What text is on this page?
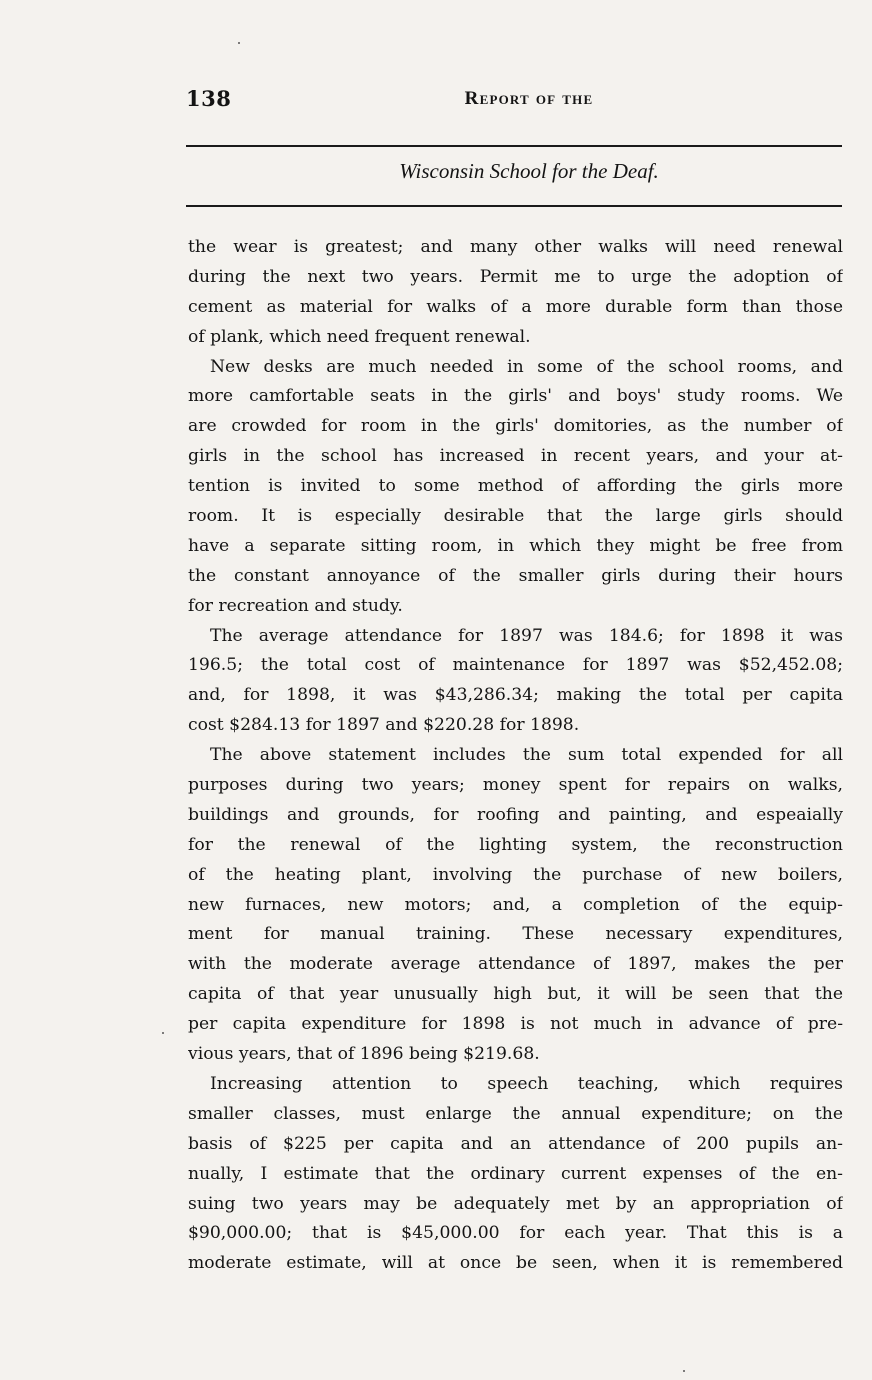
138	Report of the
Wisconsin School for the Deaf.
the wear is greatest; and many other walks will need renewal
during the next two years. Permit me to urge the adoption of
cement as material for walks of a more durable form than those
of plank, which need frequent renewal.
New desks are much needed in some of the school rooms, and
more camfortable seats in the girls' and boys' study rooms. We
are crowded for room in the girls' domitories, as the number of
girls in the school has increased in recent years, and your at-
tention is invited to some method of affording the girls more
room. It is especially desirable that the large girls should
have a separate sitting room, in which they might be free from
the constant annoyance of the smaller girls during their hours
for recreation and study.
The average attendance for 1897 was 184.6; for 1898 it was
196.5; the total cost of maintenance for 1897 was $52,452.08;
and, for 1898, it was $43,286.34; making the total per capita
cost $284.13 for 1897 and $220.28 for 1898.
The above statement includes the sum total expended for all
purposes during two years; money spent for repairs on walks,
buildings and grounds, for roofing and painting, and espeaially
for the renewal of the lighting system, the reconstruction
of the heating plant, involving the purchase of new boilers,
new furnaces, new motors; and, a completion of the equip-
ment for manual training. These necessary expenditures,
with the moderate average attendance of 1897, makes the per
capita of that year unusually high but, it will be seen that the
per capita expenditure for 1898 is not much in advance of pre-
vious years, that of 1896 being $219.68.
Increasing attention to speech teaching, which requires
smaller classes, must enlarge the annual expenditure; on the
basis of $225 per capita and an attendance of 200 pupils an-
nually, I estimate that the ordinary current expenses of the en-
suing two years may be adequately met by an appropriation of
$90,000.00; that is $45,000.00 for each year. That this is a
moderate estimate, will at once be seen, when it is remembered
